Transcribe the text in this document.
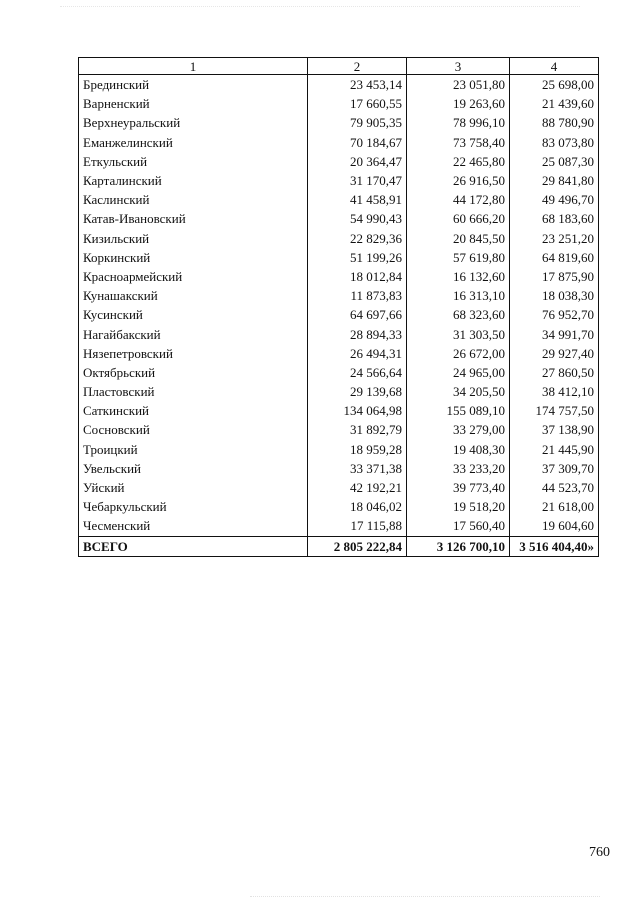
1	2	3	4
Брединский	23 453,14	23 051,80	25 698,00
Варненский	17 660,55	19 263,60	21 439,60
Верхнеуральский	79 905,35	78 996,10	88 780,90
Еманжелинский	70 184,67	73 758,40	83 073,80
Еткульский	20 364,47	22 465,80	25 087,30
Карталинский	31 170,47	26 916,50	29 841,80
Каслинский	41 458,91	44 172,80	49 496,70
Катав-Ивановский	54 990,43	60 666,20	68 183,60
Кизильский	22 829,36	20 845,50	23 251,20
Коркинский	51 199,26	57 619,80	64 819,60
Красноармейский	18 012,84	16 132,60	17 875,90
Кунашакский	11 873,83	16 313,10	18 038,30
Кусинский	64 697,66	68 323,60	76 952,70
Нагайбакский	28 894,33	31 303,50	34 991,70
Нязепетровский	26 494,31	26 672,00	29 927,40
Октябрьский	24 566,64	24 965,00	27 860,50
Пластовский	29 139,68	34 205,50	38 412,10
Саткинский	134 064,98	155 089,10	174 757,50
Сосновский	31 892,79	33 279,00	37 138,90
Троицкий	18 959,28	19 408,30	21 445,90
Увельский	33 371,38	33 233,20	37 309,70
Уйский	42 192,21	39 773,40	44 523,70
Чебаркульский	18 046,02	19 518,20	21 618,00
Чесменский	17 115,88	17 560,40	19 604,60
ВСЕГО	2 805 222,84	3 126 700,10	3 516 404,40»
760
